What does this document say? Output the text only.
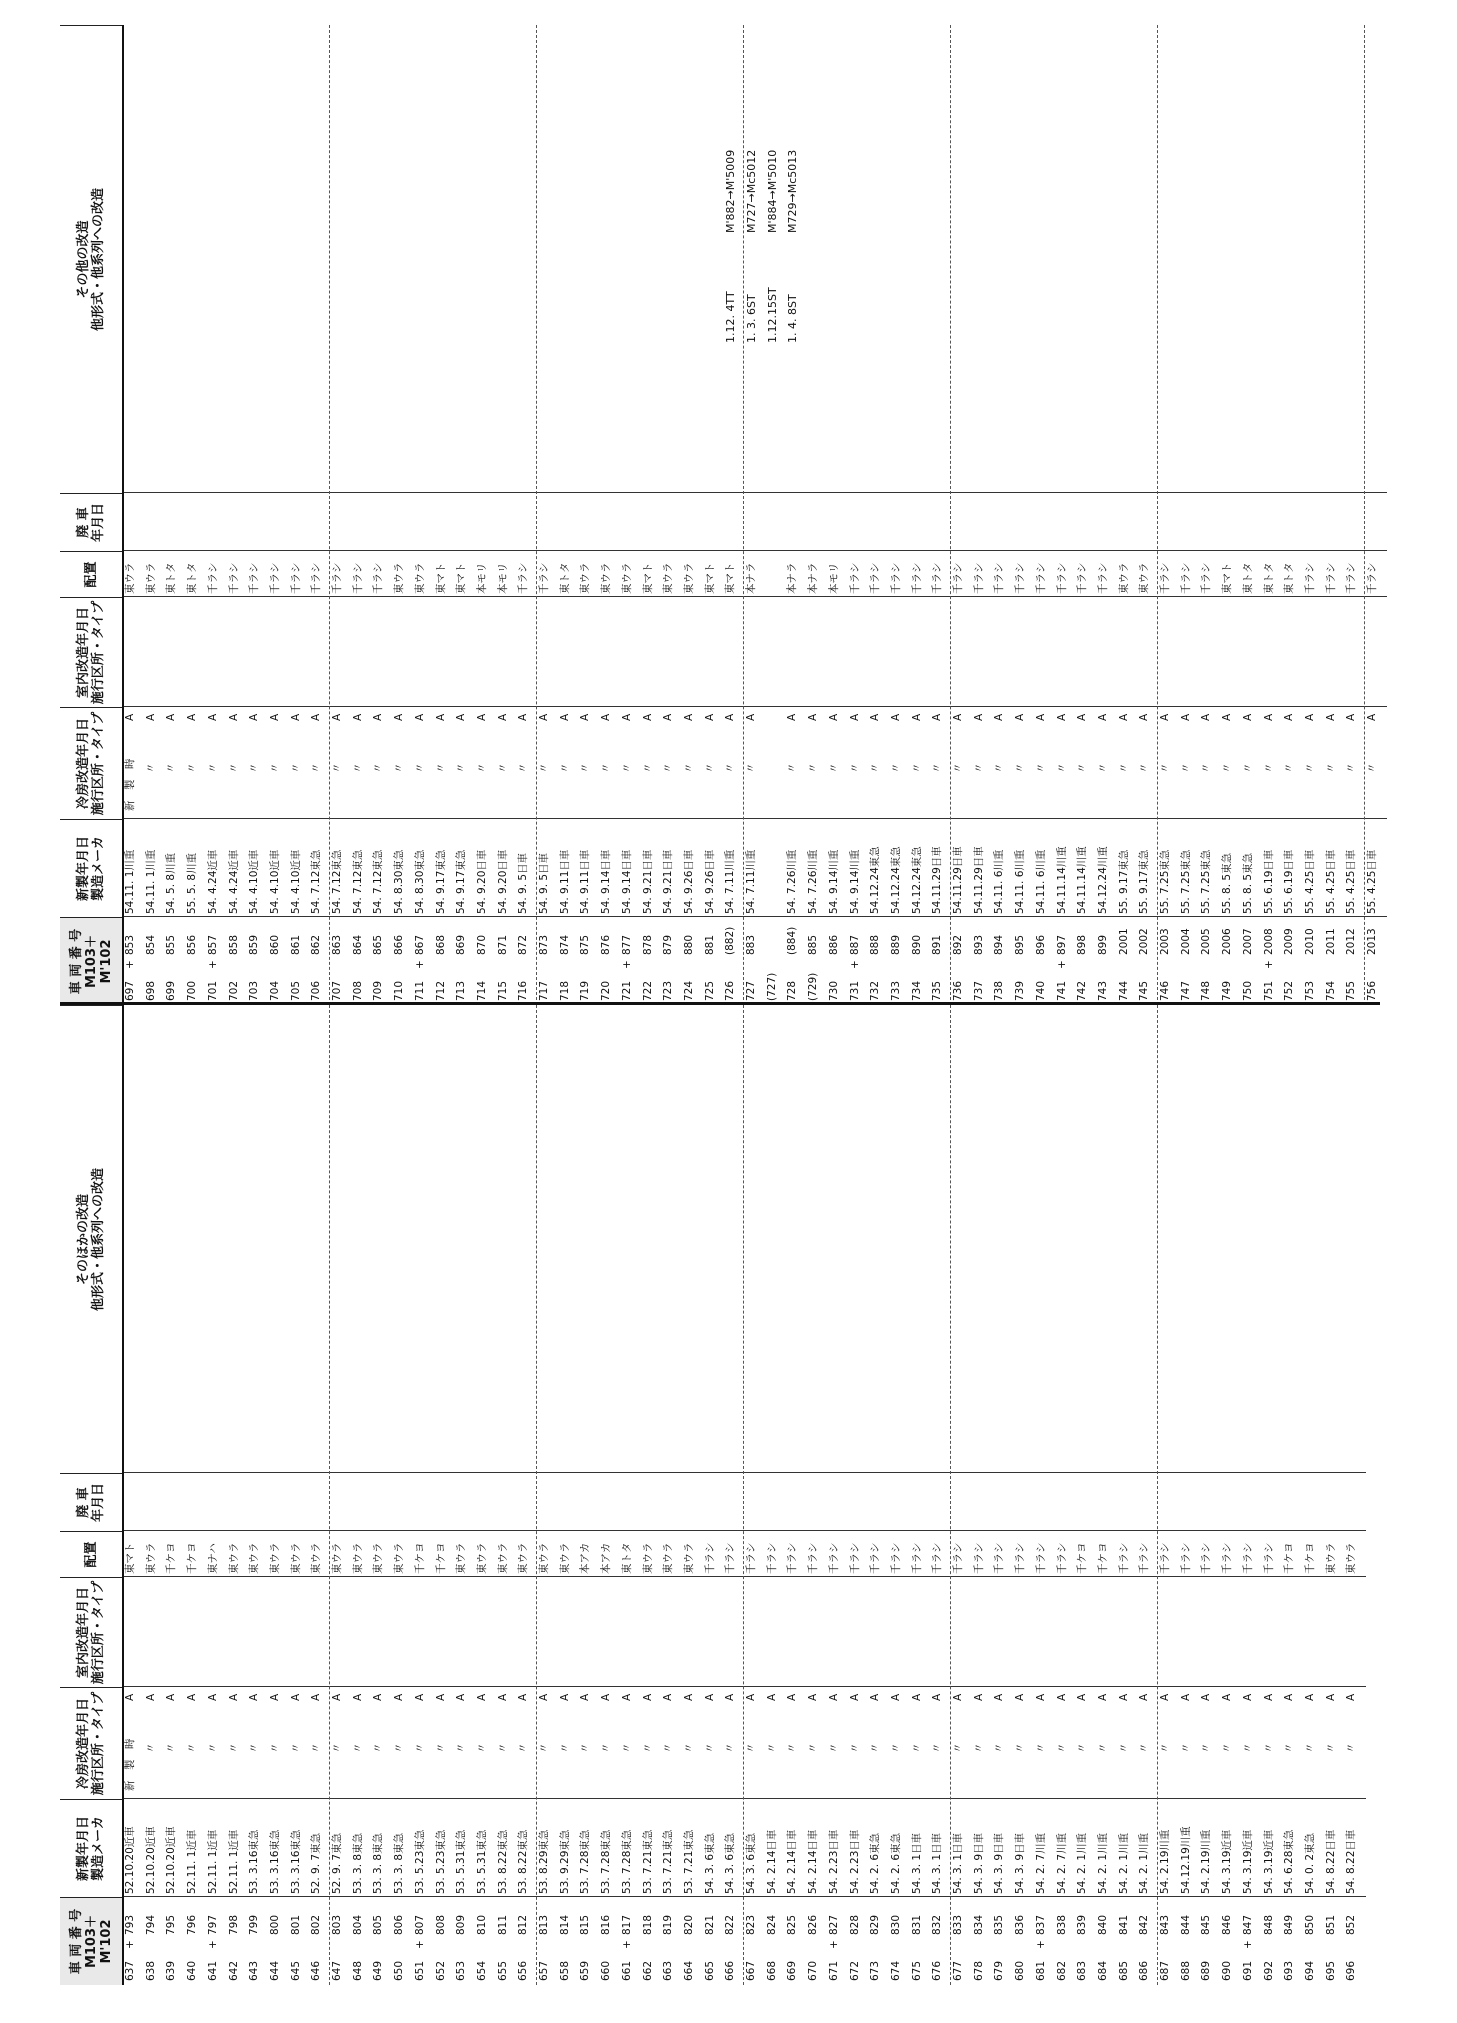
車 両 番 号 M103＋M'102
新製年月日 製造メーカ
冷房改造年月日 施行区所・タイプ
室内改造年月日 施行区所・タイプ
配置
廃 車 年月日
そのほかの改造 他形式・他系列への改造
637
+
793
52.10.20近車
新　製　時
A
東マト
638
794
52.10.20近車
〃
A
東ウラ
639
795
52.10.20近車
〃
A
千ケヨ
640
796
52.11. 1近車
〃
A
千ケヨ
641
+
797
52.11. 1近車
〃
A
東ナハ
642
798
52.11. 1近車
〃
A
東ウラ
643
799
53. 3.16東急
〃
A
東ウラ
644
800
53. 3.16東急
〃
A
東ウラ
645
801
53. 3.16東急
〃
A
東ウラ
646
802
52. 9. 7東急
〃
A
東ウラ
647
803
52. 9. 7東急
〃
A
東ウラ
648
804
53. 3. 8東急
〃
A
東ウラ
649
805
53. 3. 8東急
〃
A
東ウラ
650
806
53. 3. 8東急
〃
A
東ウラ
651
+
807
53. 5.23東急
〃
A
千ケヨ
652
808
53. 5.23東急
〃
A
千ケヨ
653
809
53. 5.31東急
〃
A
東ウラ
654
810
53. 5.31東急
〃
A
東ウラ
655
811
53. 8.22東急
〃
A
東ウラ
656
812
53. 8.22東急
〃
A
東ウラ
657
813
53. 8.29東急
〃
A
東ウラ
658
814
53. 9.29東急
〃
A
東ウラ
659
815
53. 7.28東急
〃
A
本アカ
660
816
53. 7.28東急
〃
A
本アカ
661
+
817
53. 7.28東急
〃
A
東トタ
662
818
53. 7.21東急
〃
A
東ウラ
663
819
53. 7.21東急
〃
A
東ウラ
664
820
53. 7.21東急
〃
A
東ウラ
665
821
54. 3. 6東急
〃
A
千ラシ
666
822
54. 3. 6東急
〃
A
千ラシ
667
823
54. 3. 6東急
〃
A
千ラシ
668
824
54. 2.14日車
〃
A
千ラシ
669
825
54. 2.14日車
〃
A
千ラシ
670
826
54. 2.14日車
〃
A
千ラシ
671
+
827
54. 2.23日車
〃
A
千ラシ
672
828
54. 2.23日車
〃
A
千ラシ
673
829
54. 2. 6東急
〃
A
千ラシ
674
830
54. 2. 6東急
〃
A
千ラシ
675
831
54. 3. 1日車
〃
A
千ラシ
676
832
54. 3. 1日車
〃
A
千ラシ
677
833
54. 3. 1日車
〃
A
千ラシ
678
834
54. 3. 9日車
〃
A
千ラシ
679
835
54. 3. 9日車
〃
A
千ラシ
680
836
54. 3. 9日車
〃
A
千ラシ
681
+
837
54. 2. 7川重
〃
A
千ラシ
682
838
54. 2. 7川重
〃
A
千ラシ
683
839
54. 2. 1川重
〃
A
千ケヨ
684
840
54. 2. 1川重
〃
A
千ケヨ
685
841
54. 2. 1川重
〃
A
千ラシ
686
842
54. 2. 1川重
〃
A
千ラシ
687
843
54. 2.19川重
〃
A
千ラシ
688
844
54.12.19川重
〃
A
千ラシ
689
845
54. 2.19川重
〃
A
千ラシ
690
846
54. 3.19近車
〃
A
千ラシ
691
+
847
54. 3.19近車
〃
A
千ラシ
692
848
54. 3.19近車
〃
A
千ラシ
693
849
54. 6.28東急
〃
A
千ケヨ
694
850
54. 0. 2東急
〃
A
千ケヨ
695
851
54. 8.22日車
〃
A
東ウラ
696
852
54. 8.22日車
〃
A
東ウラ
車 両 番 号 M103＋M'102
新製年月日 製造メーカ
冷房改造年月日 施行区所・タイプ
室内改造年月日 施行区所・タイプ
配置
廃 車 年月日
その他の改造 他形式・他系列への改造
697
+
853
54.11. 1川重
新　製　時
A
東ウラ
698
854
54.11. 1川重
〃
A
東ウラ
699
855
54. 5. 8川重
〃
A
東トタ
700
856
55. 5. 8川重
〃
A
東トタ
701
+
857
54. 4.24近車
〃
A
千ラシ
702
858
54. 4.24近車
〃
A
千ラシ
703
859
54. 4.10近車
〃
A
千ラシ
704
860
54. 4.10近車
〃
A
千ラシ
705
861
54. 4.10近車
〃
A
千ラシ
706
862
54. 7.12東急
〃
A
千ラシ
707
863
54. 7.12東急
〃
A
千ラシ
708
864
54. 7.12東急
〃
A
千ラシ
709
865
54. 7.12東急
〃
A
千ラシ
710
866
54. 8.30東急
〃
A
東ウラ
711
+
867
54. 8.30東急
〃
A
東ウラ
712
868
54. 9.17東急
〃
A
東マト
713
869
54. 9.17東急
〃
A
東マト
714
870
54. 9.20日車
〃
A
本モリ
715
871
54. 9.20日車
〃
A
本モリ
716
872
54. 9. 5日車
〃
A
千ラシ
717
873
54. 9. 5日車
〃
A
千ラシ
718
874
54. 9.11日車
〃
A
東トタ
719
875
54. 9.11日車
〃
A
東ウラ
720
876
54. 9.14日車
〃
A
東ウラ
721
+
877
54. 9.14日車
〃
A
東ウラ
722
878
54. 9.21日車
〃
A
東マト
723
879
54. 9.21日車
〃
A
東ウラ
724
880
54. 9.26日車
〃
A
東ウラ
725
881
54. 9.26日車
〃
A
東マト
726
(882)
54. 7.11川重
〃
A
東マト
727
883
54. 7.11川重
〃
A
本ナラ
(727) 728
(884)
54. 7.26川重
〃
A
本ナラ
(729)
885
54. 7.26川重
〃
A
本ナラ
730
886
54. 9.14川重
〃
A
本モリ
731
+
887
54. 9.14川重
〃
A
千ラシ
732
888
54.12.24東急
〃
A
千ラシ
733
889
54.12.24東急
〃
A
千ラシ
734
890
54.12.24東急
〃
A
千ラシ
735
891
54.11.29日車
〃
A
千ラシ
736
892
54.11.29日車
〃
A
千ラシ
737
893
54.11.29日車
〃
A
千ラシ
738
894
54.11. 6川重
〃
A
千ラシ
739
895
54.11. 6川重
〃
A
千ラシ
740
896
54.11. 6川重
〃
A
千ラシ
741
+
897
54.11.14川重
〃
A
千ラシ
742
898
54.11.14川重
〃
A
千ラシ
743
899
54.12.24川重
〃
A
千ラシ
744
2001
55. 9.17東急
〃
A
東ウラ
745
2002
55. 9.17東急
〃
A
東ウラ
746
2003
55. 7.25東急
〃
A
千ラシ
747
2004
55. 7.25東急
〃
A
千ラシ
748
2005
55. 7.25東急
〃
A
千ラシ
749
2006
55. 8. 5東急
〃
A
東マト
750
2007
55. 8. 5東急
〃
A
東トタ
751
+
2008
55. 6.19日車
〃
A
東トタ
752
2009
55. 6.19日車
〃
A
東トタ
753
2010
55. 4.25日車
〃
A
千ラシ
754
2011
55. 4.25日車
〃
A
千ラシ
755
2012
55. 4.25日車
〃
A
千ラシ
756
2013
55. 4.25日車
〃
A
千ラシ
1.12. 4TTM'882→M'5009
1. 3. 6STM727→Mc5012
1.12.15STM'884→M'5010
1. 4. 8STM729→Mc5013
